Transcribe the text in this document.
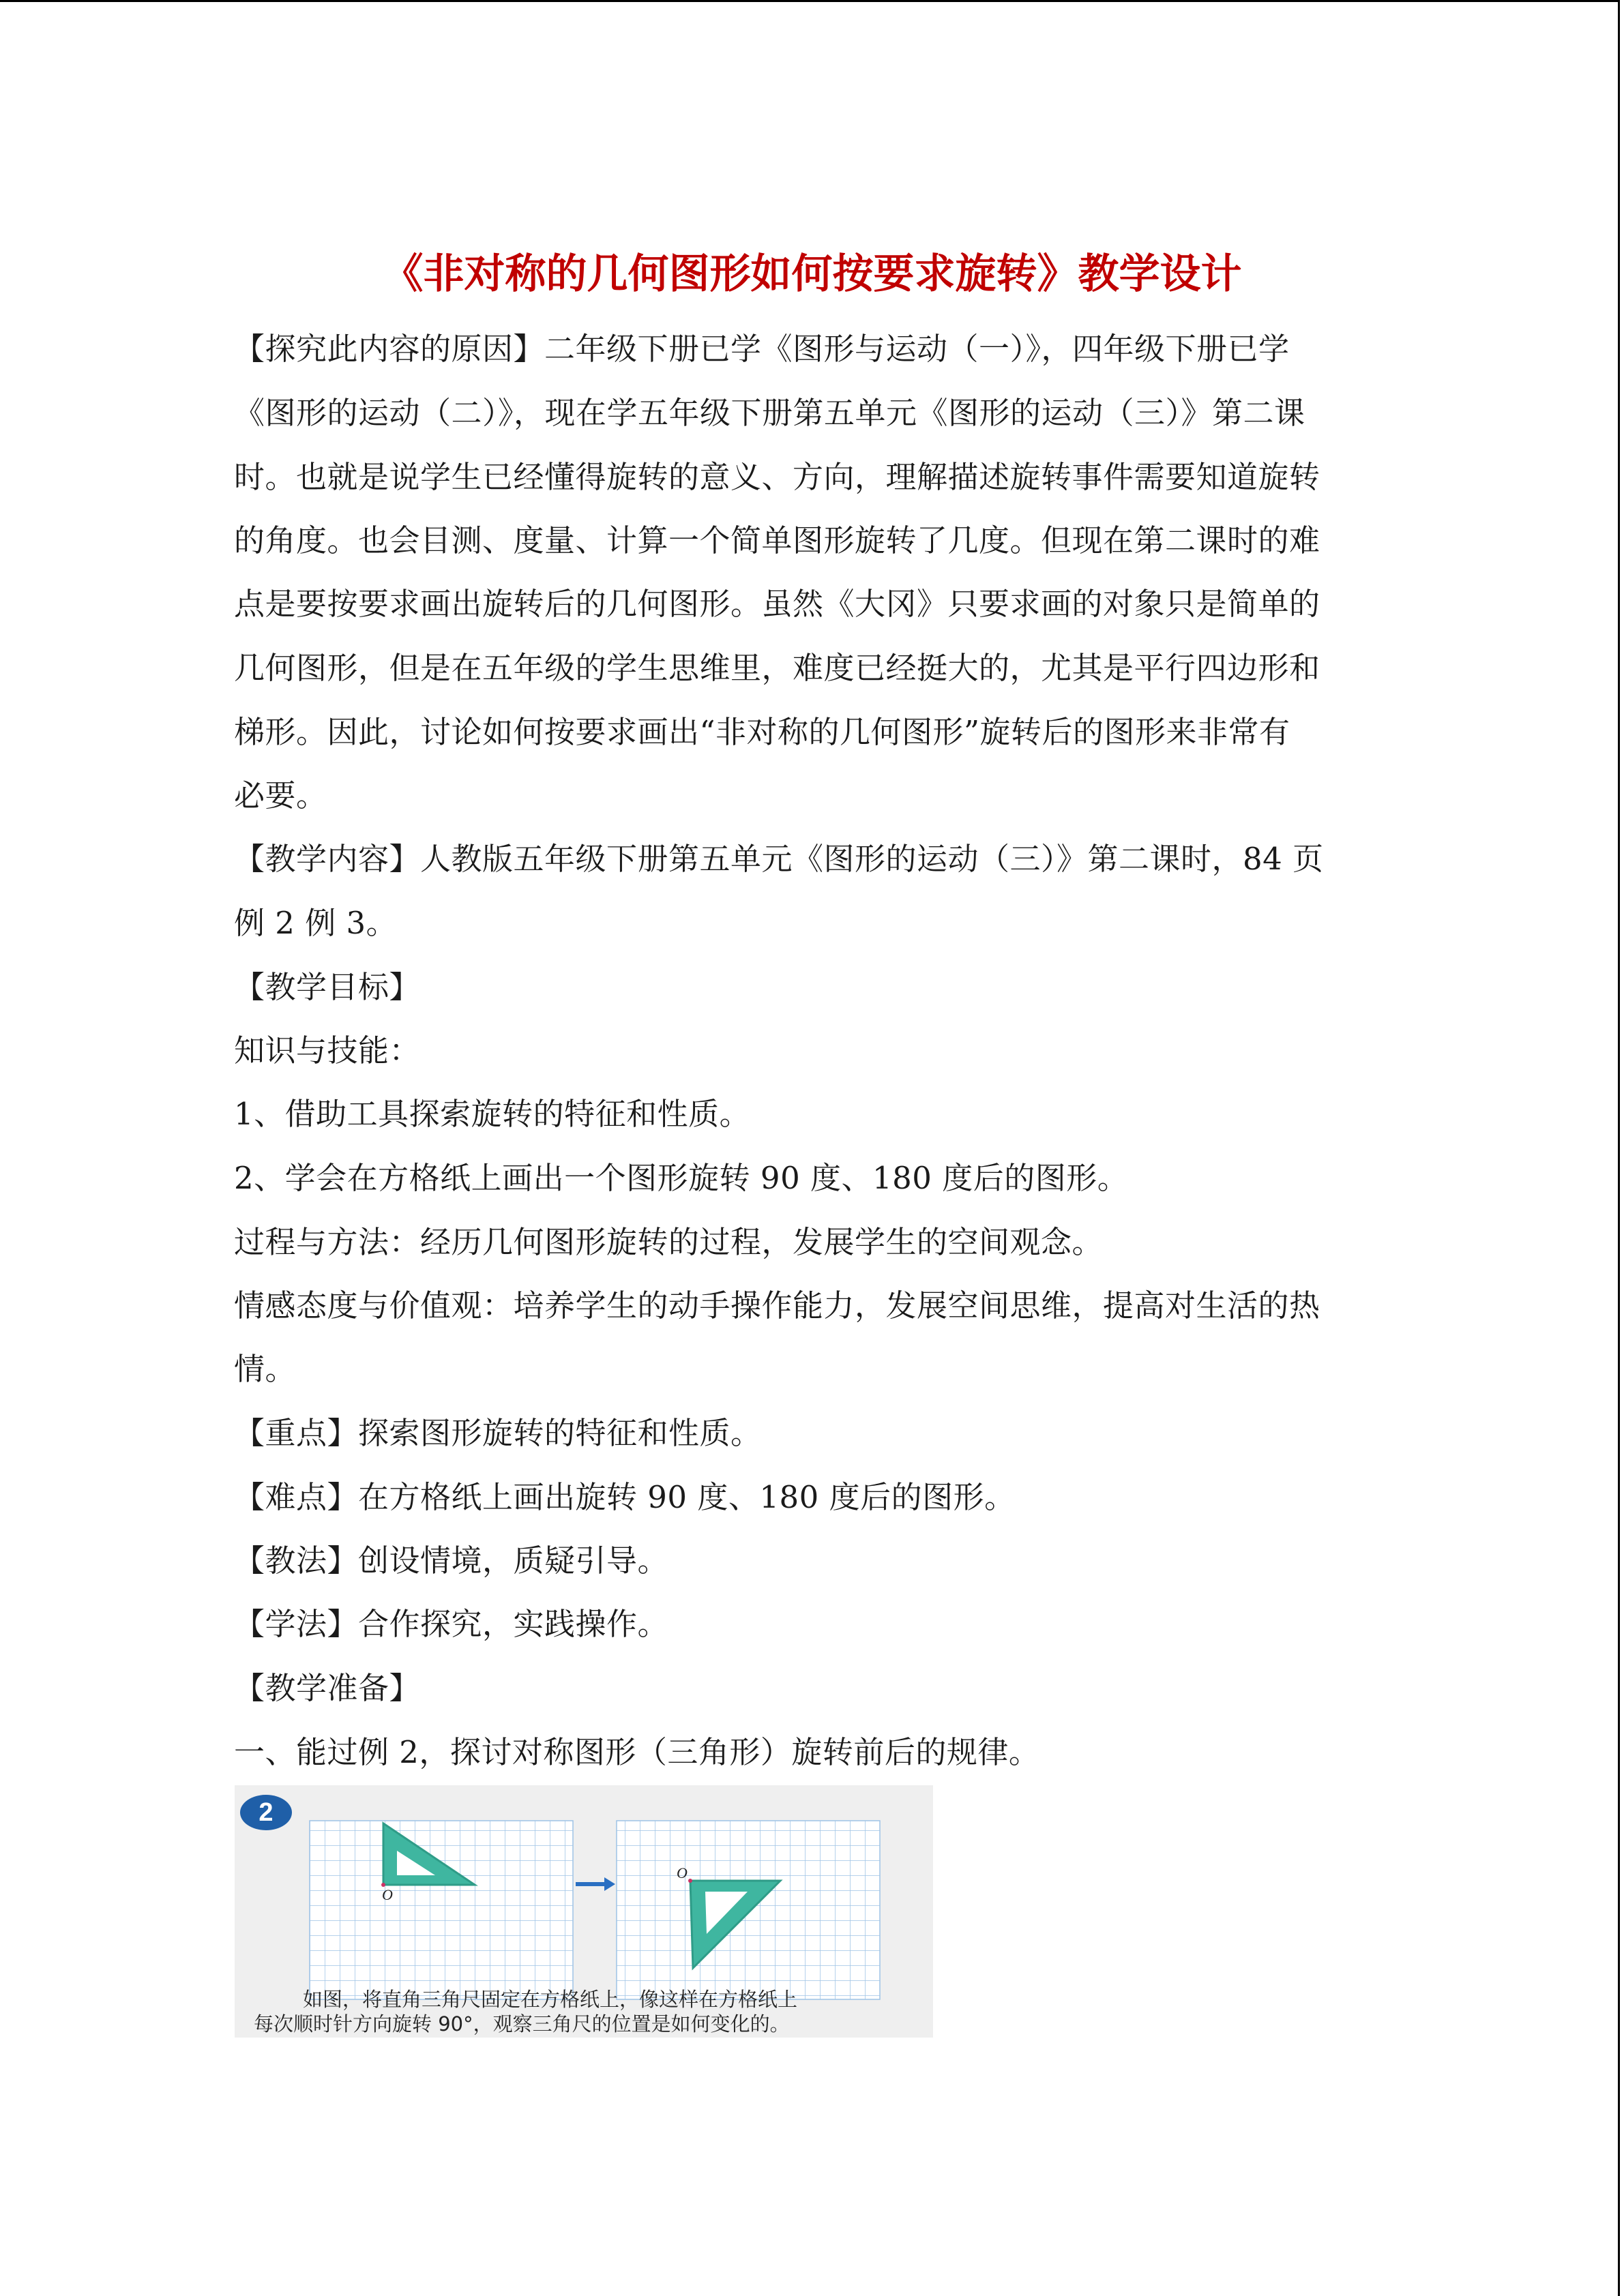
《非对称的几何图形如何按要求旋转》教学设计
【探究此内容的原因】二年级下册已学《图形与运动（一）》，四年级下册已学
《图形的运动（二）》，现在学五年级下册第五单元《图形的运动（三）》第二课
时。也就是说学生已经懂得旋转的意义、方向，理解描述旋转事件需要知道旋转
的角度。也会目测、度量、计算一个简单图形旋转了几度。但现在第二课时的难
点是要按要求画出旋转后的几何图形。虽然《大冈》只要求画的对象只是简单的
几何图形，但是在五年级的学生思维里，难度已经挺大的，尤其是平行四边形和
梯形。因此，讨论如何按要求画出“非对称的几何图形”旋转后的图形来非常有
必要。
【教学内容】人教版五年级下册第五单元《图形的运动（三）》第二课时，84 页
例 2 例 3。
【教学目标】
知识与技能：
1、借助工具探索旋转的特征和性质。
2、学会在方格纸上画出一个图形旋转 90 度、180 度后的图形。
过程与方法：经历几何图形旋转的过程，发展学生的空间观念。
情感态度与价值观：培养学生的动手操作能力，发展空间思维，提高对生活的热
情。
【重点】探索图形旋转的特征和性质。
【难点】在方格纸上画出旋转 90 度、180 度后的图形。
【教法】创设情境，质疑引导。
【学法】合作探究，实践操作。
【教学准备】
一、能过例 2，探讨对称图形（三角形）旋转前后的规律。
2
O
O
如图，将直角三角尺固定在方格纸上，像这样在方格纸上
每次顺时针方向旋转 90°，观察三角尺的位置是如何变化的。
